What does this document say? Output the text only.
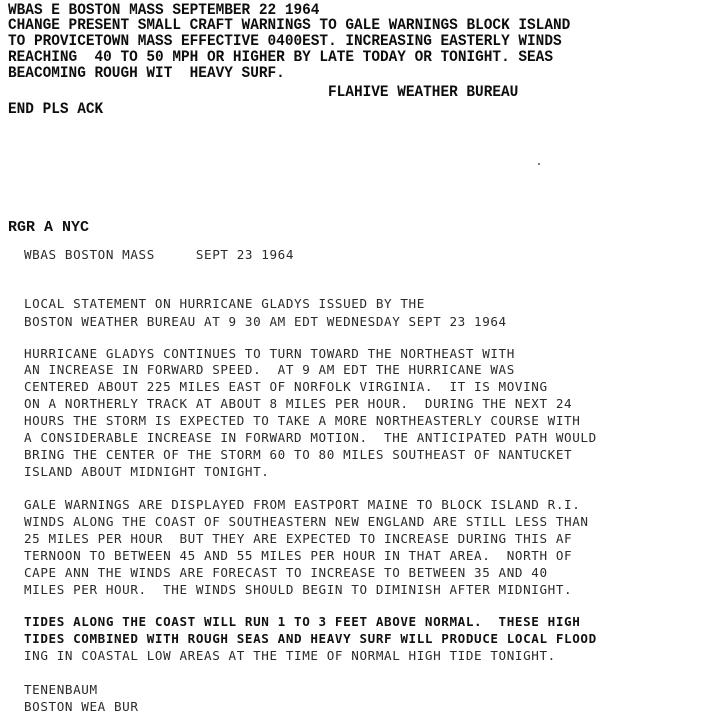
WBAS E BOSTON MASS SEPTEMBER 22 1964
CHANGE PRESENT SMALL CRAFT WARNINGS TO GALE WARNINGS BLOCK ISLAND
TO PROVICETOWN MASS EFFECTIVE 0400EST. INCREASING EASTERLY WINDS
REACHING  40 TO 50 MPH OR HIGHER BY LATE TODAY OR TONIGHT. SEAS
BEACOMING ROUGH WIT  HEAVY SURF.
FLAHIVE WEATHER BUREAU
END PLS ACK
RGR A NYC
WBAS BOSTON MASS     SEPT 23 1964
LOCAL STATEMENT ON HURRICANE GLADYS ISSUED BY THE
BOSTON WEATHER BUREAU AT 9 30 AM EDT WEDNESDAY SEPT 23 1964
HURRICANE GLADYS CONTINUES TO TURN TOWARD THE NORTHEAST WITH
AN INCREASE IN FORWARD SPEED.  AT 9 AM EDT THE HURRICANE WAS
CENTERED ABOUT 225 MILES EAST OF NORFOLK VIRGINIA.  IT IS MOVING
ON A NORTHERLY TRACK AT ABOUT 8 MILES PER HOUR.  DURING THE NEXT 24
HOURS THE STORM IS EXPECTED TO TAKE A MORE NORTHEASTERLY COURSE WITH
A CONSIDERABLE INCREASE IN FORWARD MOTION.  THE ANTICIPATED PATH WOULD
BRING THE CENTER OF THE STORM 60 TO 80 MILES SOUTHEAST OF NANTUCKET
ISLAND ABOUT MIDNIGHT TONIGHT.
GALE WARNINGS ARE DISPLAYED FROM EASTPORT MAINE TO BLOCK ISLAND R.I.
WINDS ALONG THE COAST OF SOUTHEASTERN NEW ENGLAND ARE STILL LESS THAN
25 MILES PER HOUR  BUT THEY ARE EXPECTED TO INCREASE DURING THIS AF
TERNOON TO BETWEEN 45 AND 55 MILES PER HOUR IN THAT AREA.  NORTH OF
CAPE ANN THE WINDS ARE FORECAST TO INCREASE TO BETWEEN 35 AND 40
MILES PER HOUR.  THE WINDS SHOULD BEGIN TO DIMINISH AFTER MIDNIGHT.
TIDES ALONG THE COAST WILL RUN 1 TO 3 FEET ABOVE NORMAL.  THESE HIGH
TIDES COMBINED WITH ROUGH SEAS AND HEAVY SURF WILL PRODUCE LOCAL FLOOD
ING IN COASTAL LOW AREAS AT THE TIME OF NORMAL HIGH TIDE TONIGHT.
TENENBAUM
BOSTON WEA BUR
